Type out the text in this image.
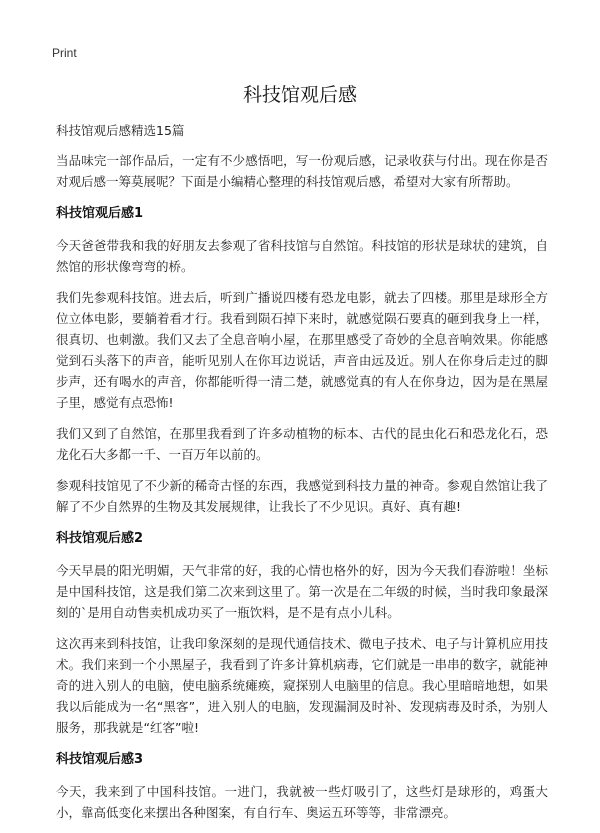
Print
科技馆观后感
科技馆观后感精选15篇

当品味完一部作品后，一定有不少感悟吧，写一份观后感，记录收获与付出。现在你是否对观后感一筹莫展呢？下面是小编精心整理的科技馆观后感，希望对大家有所帮助。

科技馆观后感1

今天爸爸带我和我的好朋友去参观了省科技馆与自然馆。科技馆的形状是球状的建筑，自然馆的形状像弯弯的桥。

我们先参观科技馆。进去后，听到广播说四楼有恐龙电影，就去了四楼。那里是球形全方位立体电影，要躺着看才行。我看到陨石掉下来时，就感觉陨石要真的砸到我身上一样，很真切、也刺激。我们又去了全息音响小屋，在那里感受了奇妙的全息音响效果。你能感觉到石头落下的声音，能听见别人在你耳边说话，声音由远及近。别人在你身后走过的脚步声，还有喝水的声音，你都能听得一清二楚，就感觉真的有人在你身边，因为是在黑屋子里，感觉有点恐怖!

我们又到了自然馆，在那里我看到了许多动植物的标本、古代的昆虫化石和恐龙化石，恐龙化石大多都一千、一百万年以前的。

参观科技馆见了不少新的稀奇古怪的东西，我感觉到科技力量的神奇。参观自然馆让我了解了不少自然界的生物及其发展规律，让我长了不少见识。真好、真有趣!

科技馆观后感2

今天早晨的阳光明媚，天气非常的好，我的心情也格外的好，因为今天我们春游啦！坐标是中国科技馆，这是我们第二次来到这里了。第一次是在二年级的时候，当时我印象最深刻的`是用自动售卖机成功买了一瓶饮料，是不是有点小儿科。

这次再来到科技馆，让我印象深刻的是现代通信技术、微电子技术、电子与计算机应用技术。我们来到一个小黑屋子，我看到了许多计算机病毒，它们就是一串串的数字，就能神奇的进入别人的电脑，使电脑系统瘫痪，窥探别人电脑里的信息。我心里暗暗地想，如果我以后能成为一名“黑客”，进入别人的电脑，发现漏洞及时补、发现病毒及时杀，为别人服务，那我就是“红客”啦!

科技馆观后感3

今天，我来到了中国科技馆。一进门，我就被一些灯吸引了，这些灯是球形的，鸡蛋大小，靠高低变化来摆出各种图案，有自行车、奥运五环等等，非常漂亮。
